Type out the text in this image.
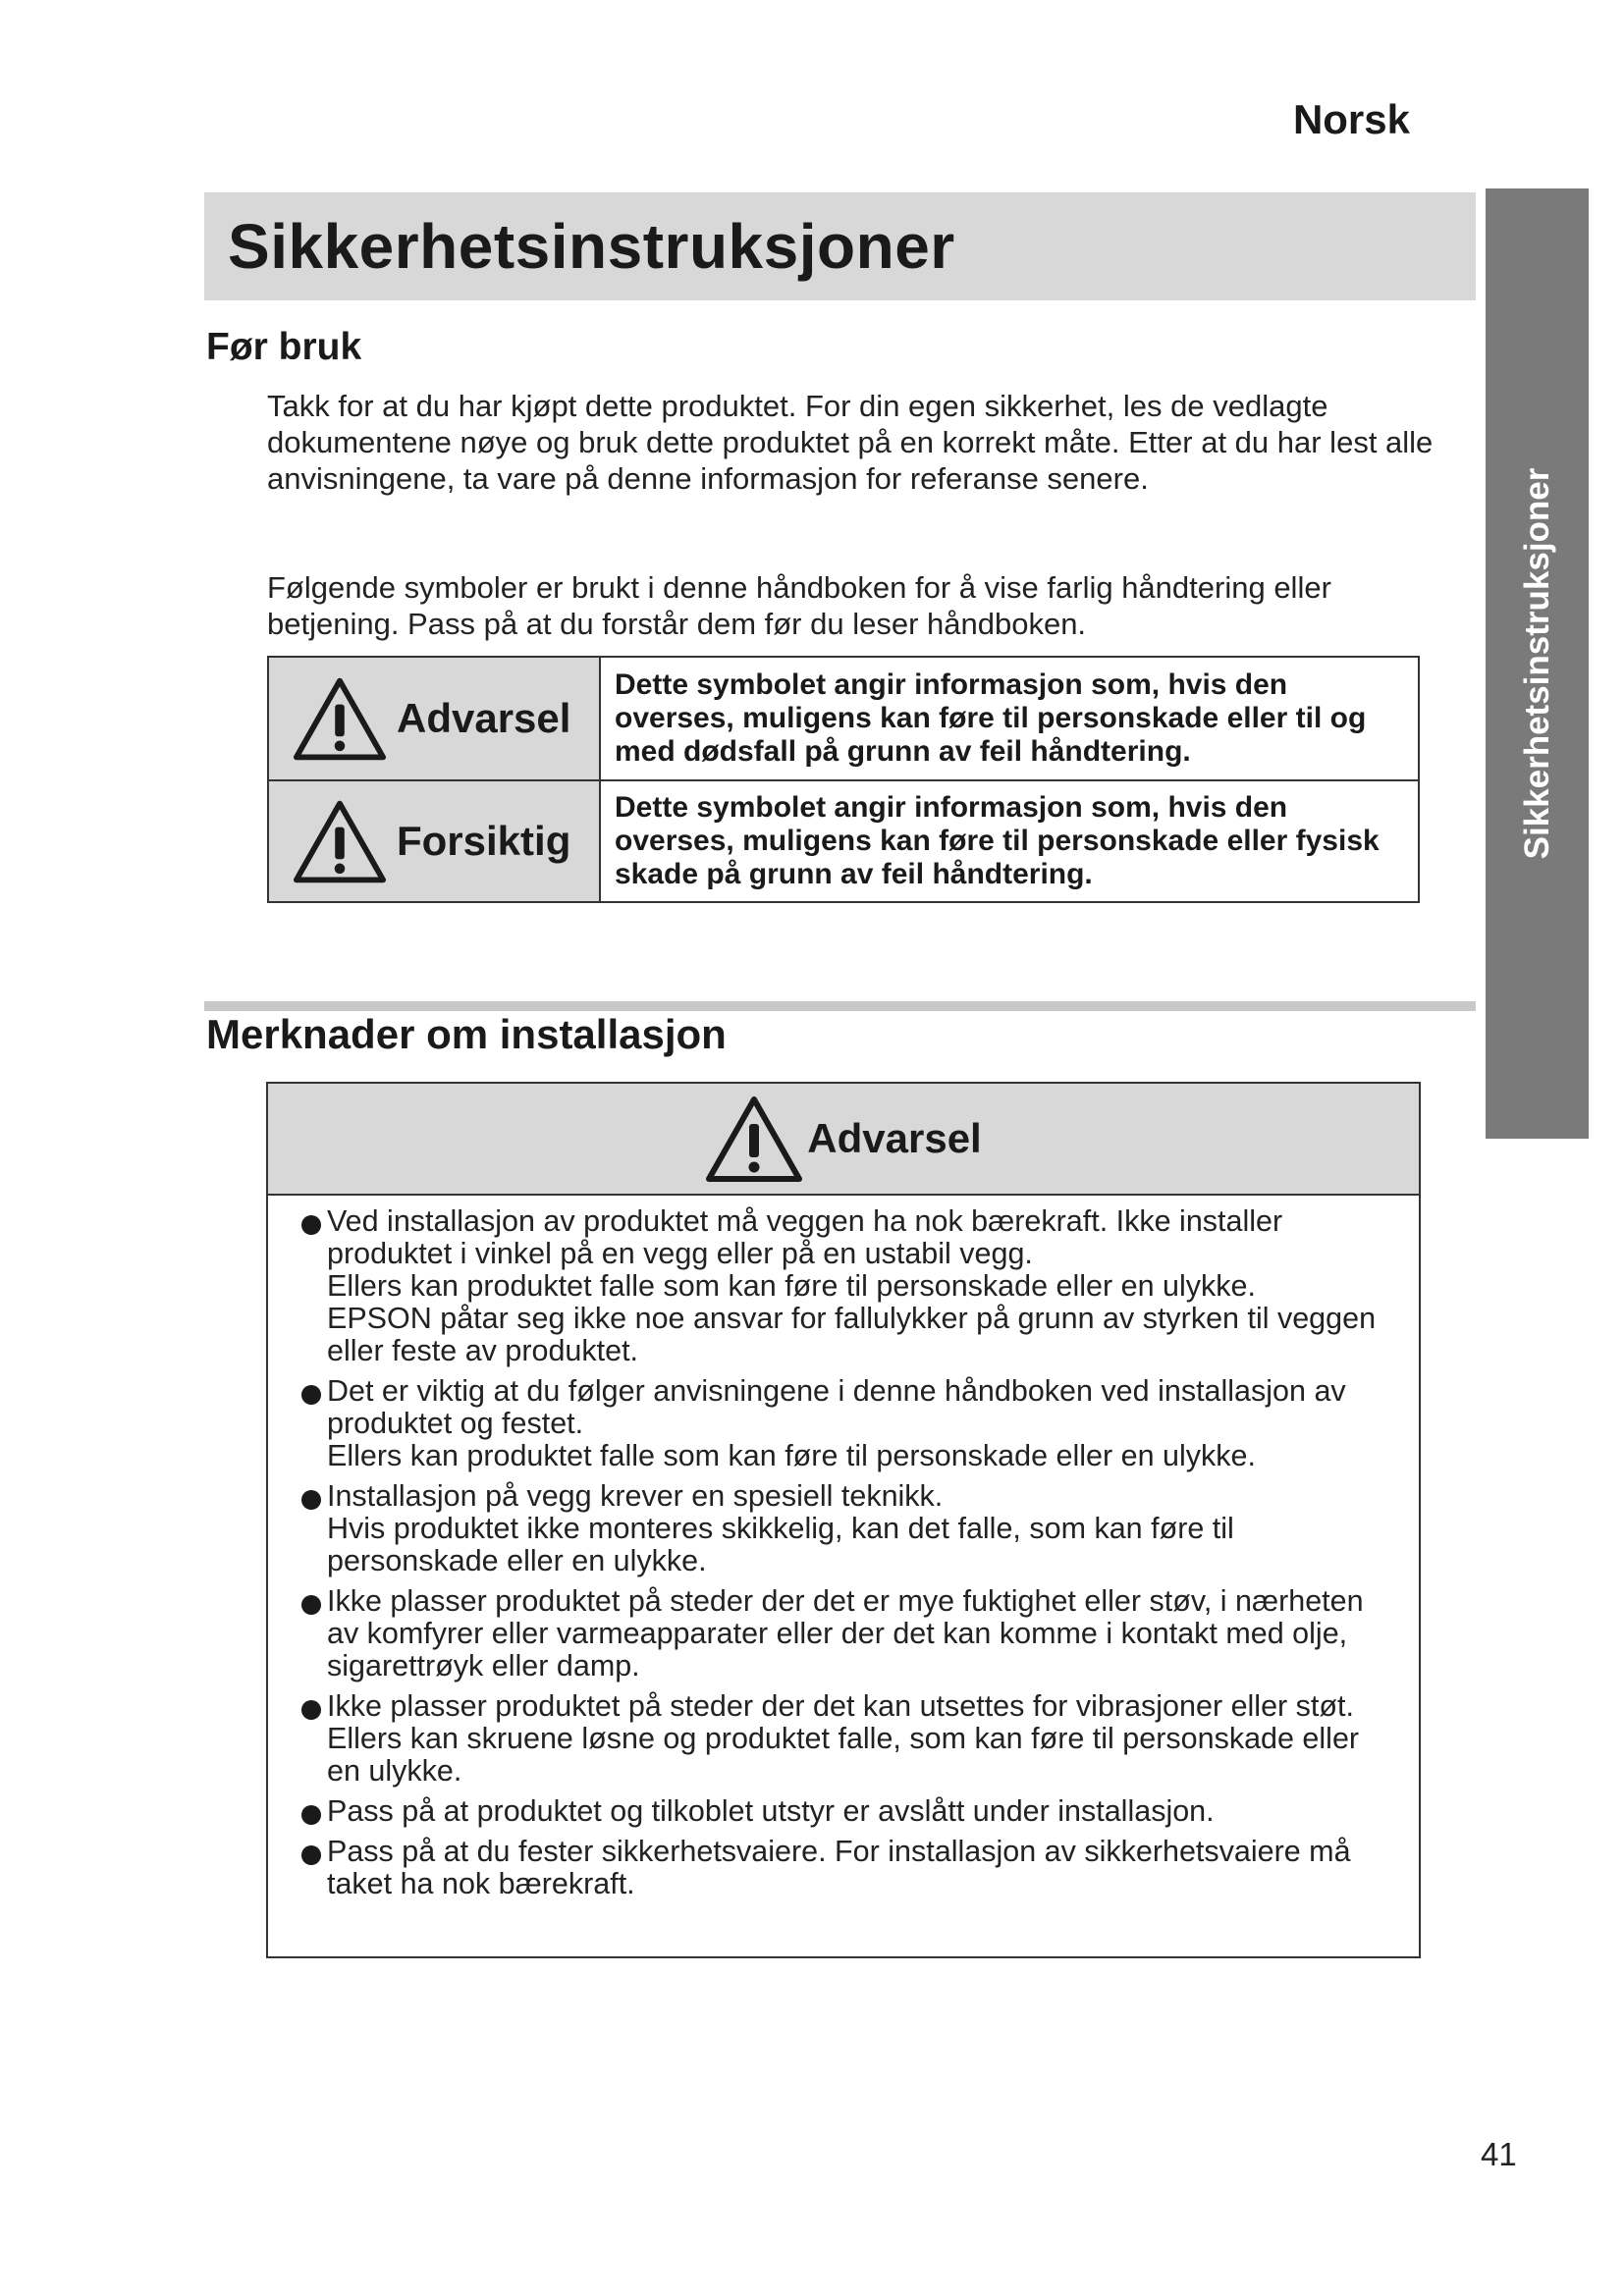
Norsk
Sikkerhetsinstruksjoner
Sikkerhetsinstruksjoner
Før bruk

Takk for at du har kjøpt dette produktet. For din egen sikkerhet, les de vedlagte dokumentene nøye og bruk dette produktet på en korrekt måte. Etter at du har lest alle anvisningene, ta vare på denne informasjon for referanse senere.

Følgende symboler er brukt i denne håndboken for å vise farlig håndtering eller betjening. Pass på at du forstår dem før du leser håndboken.

Advarsel
Dette symbolet angir informasjon som, hvis den overses, muligens kan føre til personskade eller til og med dødsfall på grunn av feil håndtering.
Forsiktig
Dette symbolet angir informasjon som, hvis den overses, muligens kan føre til personskade eller fysisk skade på grunn av feil håndtering.
Merknader om installasjon
Advarsel
Ved installasjon av produktet må veggen ha nok bærekraft. Ikke installer produktet i vinkel på en vegg eller på en ustabil vegg.
Ellers kan produktet falle som kan føre til personskade eller en ulykke.
EPSON påtar seg ikke noe ansvar for fallulykker på grunn av styrken til veggen eller feste av produktet.
Det er viktig at du følger anvisningene i denne håndboken ved installasjon av produktet og festet.
Ellers kan produktet falle som kan føre til personskade eller en ulykke.
Installasjon på vegg krever en spesiell teknikk.
Hvis produktet ikke monteres skikkelig, kan det falle, som kan føre til personskade eller en ulykke.
Ikke plasser produktet på steder der det er mye fuktighet eller støv, i nærheten av komfyrer eller varmeapparater eller der det kan komme i kontakt med olje, sigarettrøyk eller damp.
Ikke plasser produktet på steder der det kan utsettes for vibrasjoner eller støt.
Ellers kan skruene løsne og produktet falle, som kan føre til personskade eller en ulykke.
Pass på at produktet og tilkoblet utstyr er avslått under installasjon.
Pass på at du fester sikkerhetsvaiere. For installasjon av sikkerhetsvaiere må taket ha nok bærekraft.
41
